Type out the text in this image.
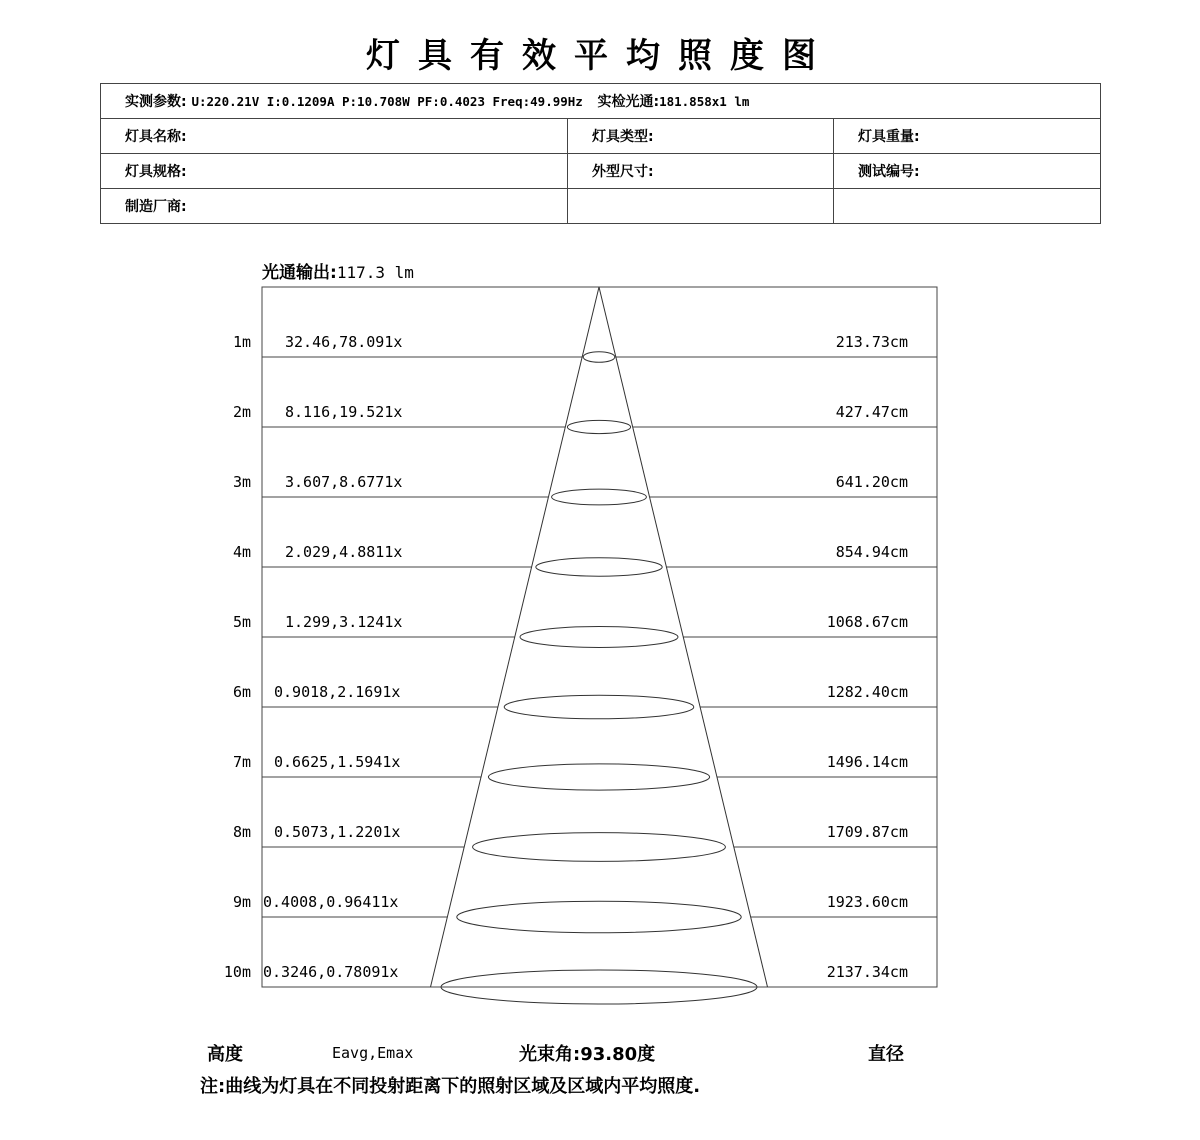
灯具有效平均照度图
实测参数: U:220.21V I:0.1209A P:10.708W PF:0.4023 Freq:49.99Hz 实检光通:181.858x1 lm		
灯具名称:	灯具类型:	灯具重量:
灯具规格:	外型尺寸:	测试编号:
制造厂商:		
光通输出:117.3 lm
1m 32.46,78.091x	213.73cm
2m 8.116,19.521x	427.47cm
3m 3.607,8.6771x	641.20cm
4m 2.029,4.8811x	854.94cm
5m 1.299,3.1241x	1068.67cm
6m 0.9018,2.1691x	1282.40cm
7m 0.6625,1.5941x	1496.14cm
8m 0.5073,1.2201x	1709.87cm
9m 0.4008,0.96411x	1923.60cm
10m 0.3246,0.78091x	2137.34cm
高度	Eavg,Emax	光束角:93.80度	直径
注:曲线为灯具在不同投射距离下的照射区域及区域内平均照度.
